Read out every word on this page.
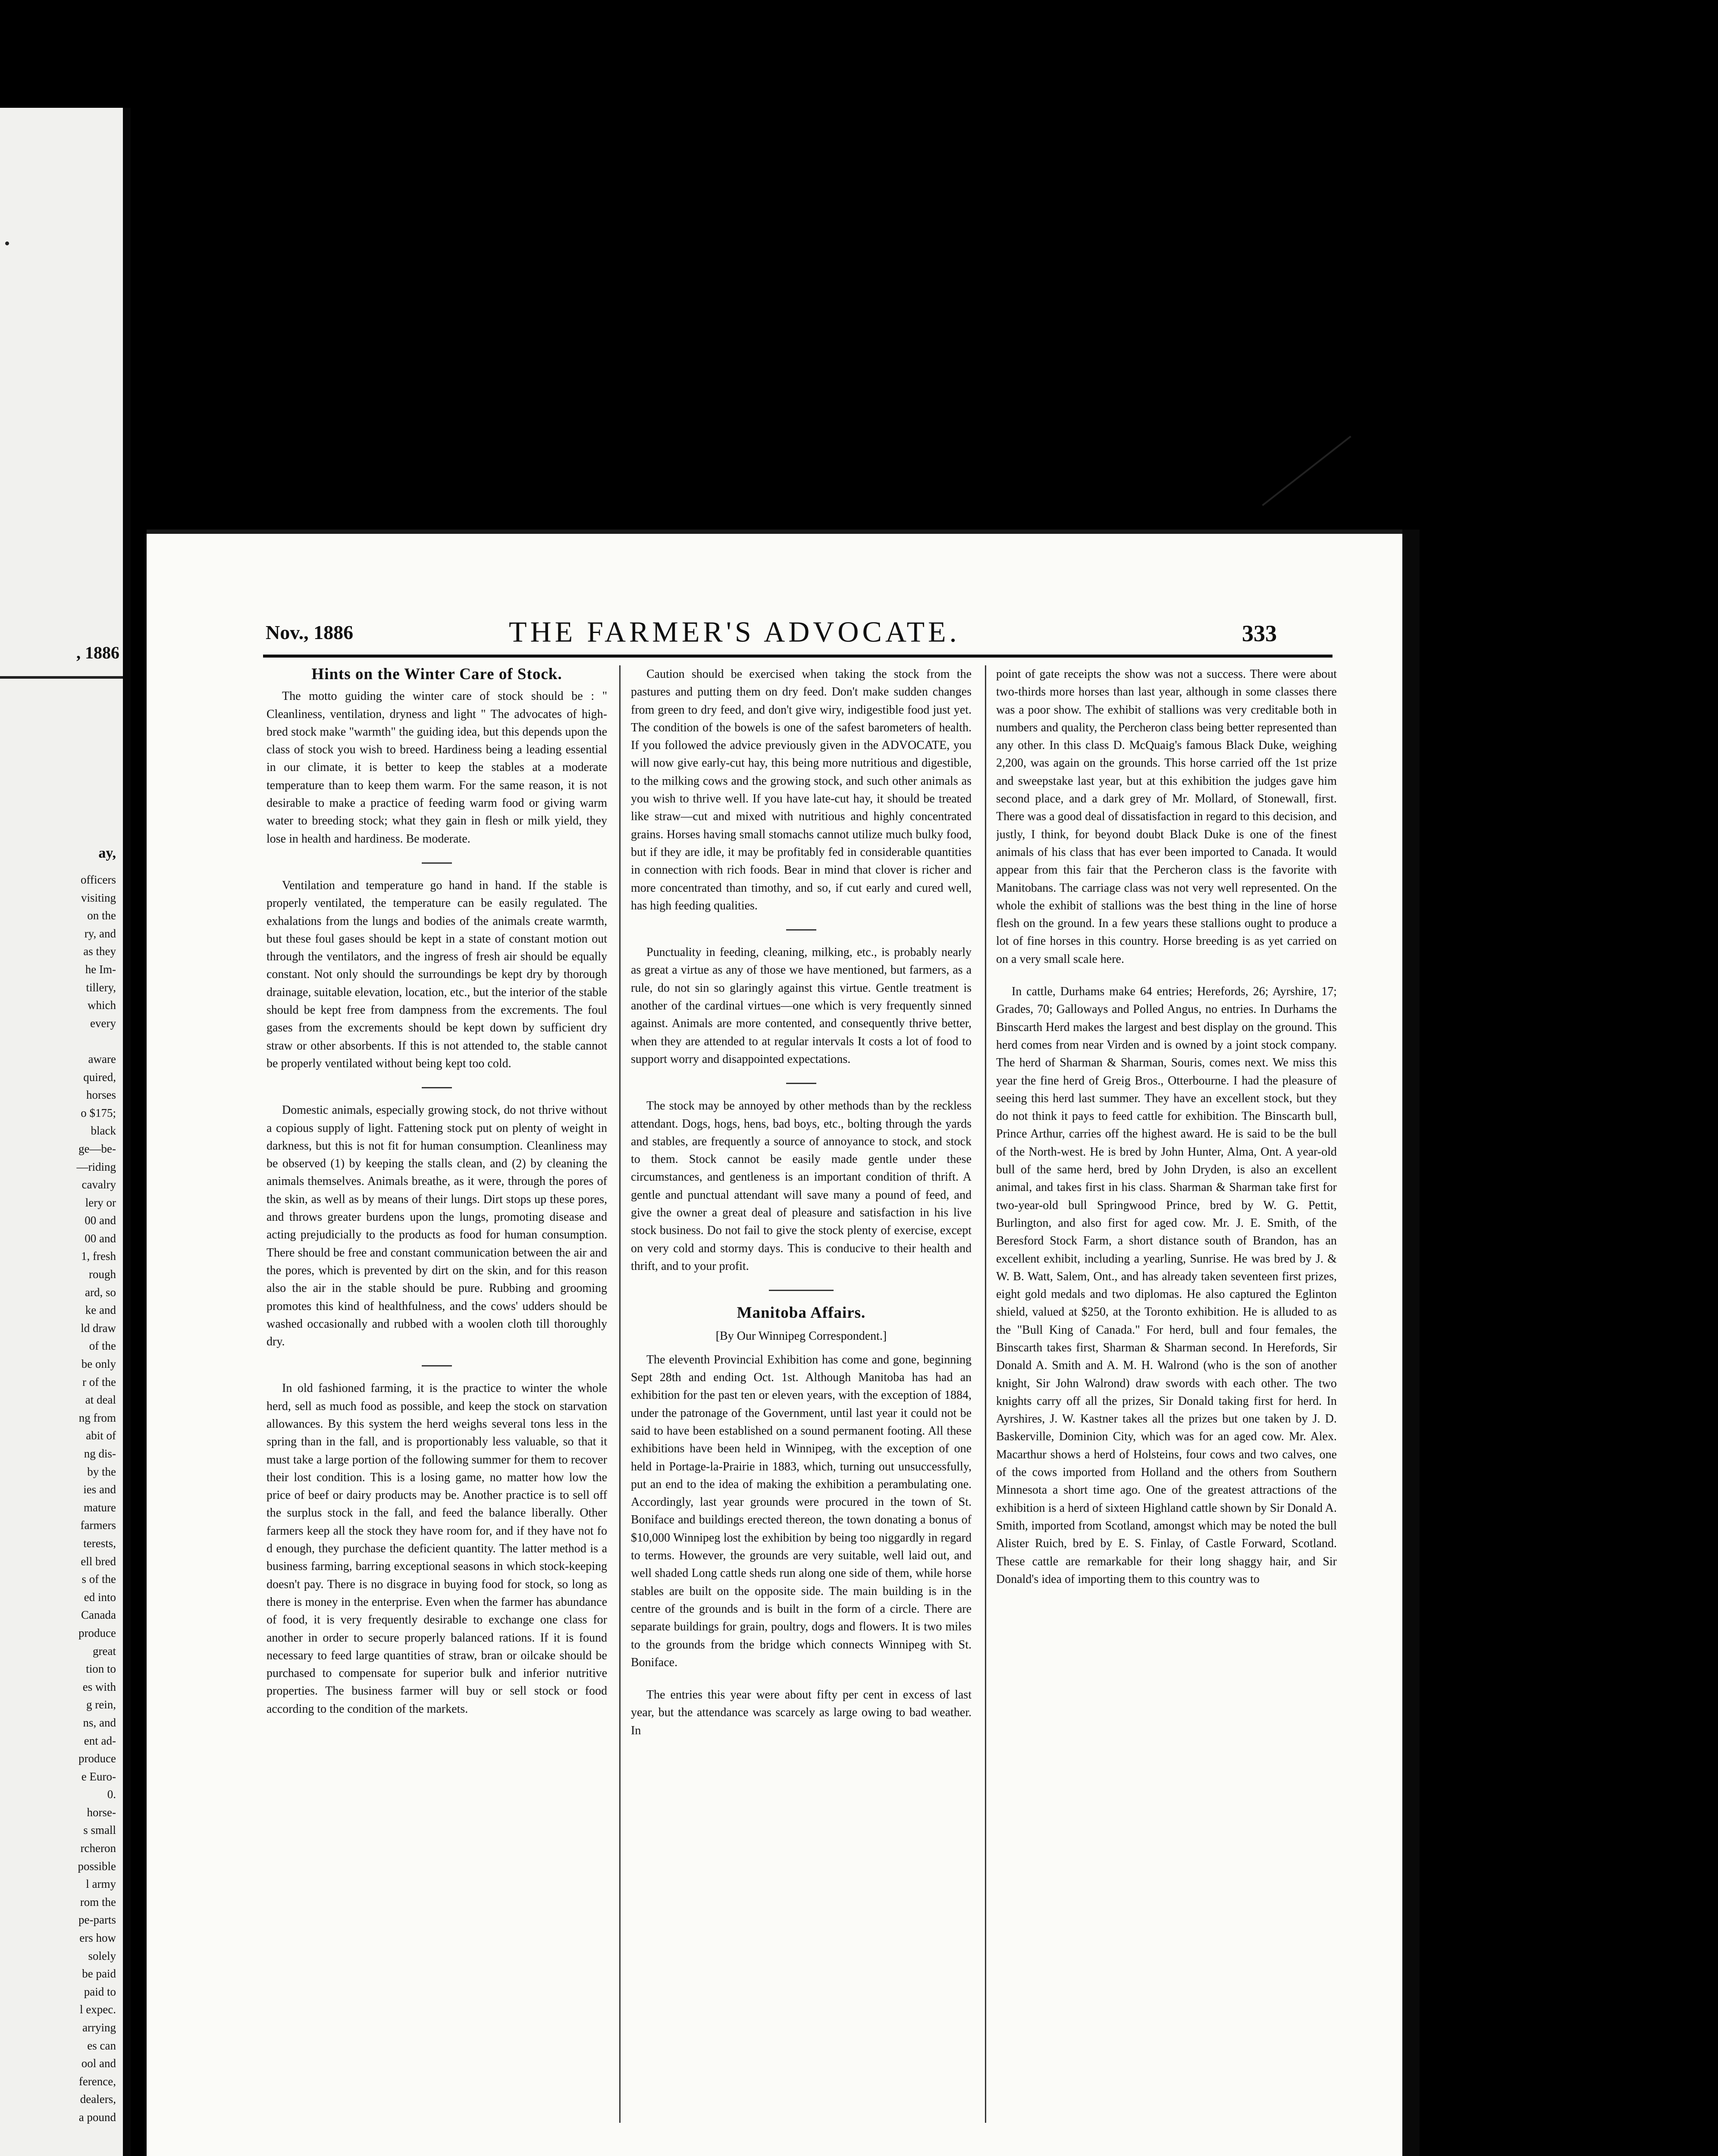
, 1886
ay,
officers
visiting
on the
ry, and
as they
he Im-
tillery,
which
every

aware
quired,
horses
o $175;
black
ge—be-
—riding
cavalry
lery or
00 and
00 and
1, fresh
rough
ard, so
ke and
ld draw
of the
be only
r of the
at deal
ng from
abit of
ng dis-
by the
ies and
mature
farmers
terests,
ell bred
s of the
ed into
Canada
produce
great
tion to
es with
g rein,
ns, and
ent ad-
produce
e Euro-
0.
horse-
s small
rcheron
possible
l army
rom the
pe-parts
ers how
solely
be paid
paid to
l expec.
arrying
es can
ool and
ference,
dealers,
a pound
Nov., 1886	THE FARMER'S ADVOCATE.	333
Hints on the Winter Care of Stock.

The motto guiding the winter care of stock should be : " Cleanliness, ventilation, dryness and light " The advocates of high-bred stock make "warmth" the guiding idea, but this depends upon the class of stock you wish to breed. Hardiness being a leading essential in our climate, it is better to keep the stables at a moderate temperature than to keep them warm. For the same reason, it is not desirable to make a practice of feeding warm food or giving warm water to breeding stock; what they gain in flesh or milk yield, they lose in health and hardiness. Be moderate.

Ventilation and temperature go hand in hand. If the stable is properly ventilated, the temperature can be easily regulated. The exhalations from the lungs and bodies of the animals create warmth, but these foul gases should be kept in a state of constant motion out through the ventilators, and the ingress of fresh air should be equally constant. Not only should the surroundings be kept dry by thorough drainage, suitable elevation, location, etc., but the interior of the stable should be kept free from dampness from the excrements. The foul gases from the excrements should be kept down by sufficient dry straw or other absorbents. If this is not attended to, the stable cannot be properly ventilated without being kept too cold.

Domestic animals, especially growing stock, do not thrive without a copious supply of light. Fattening stock put on plenty of weight in darkness, but this is not fit for human consumption. Cleanliness may be observed (1) by keeping the stalls clean, and (2) by cleaning the animals themselves. Animals breathe, as it were, through the pores of the skin, as well as by means of their lungs. Dirt stops up these pores, and throws greater burdens upon the lungs, promoting disease and acting prejudicially to the products as food for human consumption. There should be free and constant communication between the air and the pores, which is prevented by dirt on the skin, and for this reason also the air in the stable should be pure. Rubbing and grooming promotes this kind of healthfulness, and the cows' udders should be washed occasionally and rubbed with a woolen cloth till thoroughly dry.

In old fashioned farming, it is the practice to winter the whole herd, sell as much food as possible, and keep the stock on starvation allowances. By this system the herd weighs several tons less in the spring than in the fall, and is proportionably less valuable, so that it must take a large portion of the following summer for them to recover their lost condition. This is a losing game, no matter how low the price of beef or dairy products may be. Another practice is to sell off the surplus stock in the fall, and feed the balance liberally. Other farmers keep all the stock they have room for, and if they have not fo d enough, they purchase the deficient quantity. The latter method is a business farming, barring exceptional seasons in which stock-keeping doesn't pay. There is no disgrace in buying food for stock, so long as there is money in the enterprise. Even when the farmer has abundance of food, it is very frequently desirable to exchange one class for another in order to secure properly balanced rations. If it is found necessary to feed large quantities of straw, bran or oilcake should be purchased to compensate for superior bulk and inferior nutritive properties. The business farmer will buy or sell stock or food according to the condition of the markets.

Caution should be exercised when taking the stock from the pastures and putting them on dry feed. Don't make sudden changes from green to dry feed, and don't give wiry, indigestible food just yet. The condition of the bowels is one of the safest barometers of health. If you followed the advice previously given in the ADVOCATE, you will now give early-cut hay, this being more nutritious and digestible, to the milking cows and the growing stock, and such other animals as you wish to thrive well. If you have late-cut hay, it should be treated like straw—cut and mixed with nutritious and highly concentrated grains. Horses having small stomachs cannot utilize much bulky food, but if they are idle, it may be profitably fed in considerable quantities in connection with rich foods. Bear in mind that clover is richer and more concentrated than timothy, and so, if cut early and cured well, has high feeding qualities.

Punctuality in feeding, cleaning, milking, etc., is probably nearly as great a virtue as any of those we have mentioned, but farmers, as a rule, do not sin so glaringly against this virtue. Gentle treatment is another of the cardinal virtues—one which is very frequently sinned against. Animals are more contented, and consequently thrive better, when they are attended to at regular intervals It costs a lot of food to support worry and disappointed expectations.

The stock may be annoyed by other methods than by the reckless attendant. Dogs, hogs, hens, bad boys, etc., bolting through the yards and stables, are frequently a source of annoyance to stock, and stock to them. Stock cannot be easily made gentle under these circumstances, and gentleness is an important condition of thrift. A gentle and punctual attendant will save many a pound of feed, and give the owner a great deal of pleasure and satisfaction in his live stock business. Do not fail to give the stock plenty of exercise, except on very cold and stormy days. This is conducive to their health and thrift, and to your profit.

Manitoba Affairs.

[By Our Winnipeg Correspondent.]

The eleventh Provincial Exhibition has come and gone, beginning Sept 28th and ending Oct. 1st. Although Manitoba has had an exhibition for the past ten or eleven years, with the exception of 1884, under the patronage of the Government, until last year it could not be said to have been established on a sound permanent footing. All these exhibitions have been held in Winnipeg, with the exception of one held in Portage-la-Prairie in 1883, which, turning out unsuccessfully, put an end to the idea of making the exhibition a perambulating one. Accordingly, last year grounds were procured in the town of St. Boniface and buildings erected thereon, the town donating a bonus of $10,000 Winnipeg lost the exhibition by being too niggardly in regard to terms. However, the grounds are very suitable, well laid out, and well shaded Long cattle sheds run along one side of them, while horse stables are built on the opposite side. The main building is in the centre of the grounds and is built in the form of a circle. There are separate buildings for grain, poultry, dogs and flowers. It is two miles to the grounds from the bridge which connects Winnipeg with St. Boniface.

The entries this year were about fifty per cent in excess of last year, but the attendance was scarcely as large owing to bad weather. In

point of gate receipts the show was not a success. There were about two-thirds more horses than last year, although in some classes there was a poor show. The exhibit of stallions was very creditable both in numbers and quality, the Percheron class being better represented than any other. In this class D. McQuaig's famous Black Duke, weighing 2,200, was again on the grounds. This horse carried off the 1st prize and sweepstake last year, but at this exhibition the judges gave him second place, and a dark grey of Mr. Mollard, of Stonewall, first. There was a good deal of dissatisfaction in regard to this decision, and justly, I think, for beyond doubt Black Duke is one of the finest animals of his class that has ever been imported to Canada. It would appear from this fair that the Percheron class is the favorite with Manitobans. The carriage class was not very well represented. On the whole the exhibit of stallions was the best thing in the line of horse flesh on the ground. In a few years these stallions ought to produce a lot of fine horses in this country. Horse breeding is as yet carried on on a very small scale here.

In cattle, Durhams make 64 entries; Herefords, 26; Ayrshire, 17; Grades, 70; Galloways and Polled Angus, no entries. In Durhams the Binscarth Herd makes the largest and best display on the ground. This herd comes from near Virden and is owned by a joint stock company. The herd of Sharman & Sharman, Souris, comes next. We miss this year the fine herd of Greig Bros., Otterbourne. I had the pleasure of seeing this herd last summer. They have an excellent stock, but they do not think it pays to feed cattle for exhibition. The Binscarth bull, Prince Arthur, carries off the highest award. He is said to be the bull of the North-west. He is bred by John Hunter, Alma, Ont. A year-old bull of the same herd, bred by John Dryden, is also an excellent animal, and takes first in his class. Sharman & Sharman take first for two-year-old bull Springwood Prince, bred by W. G. Pettit, Burlington, and also first for aged cow. Mr. J. E. Smith, of the Beresford Stock Farm, a short distance south of Brandon, has an excellent exhibit, including a yearling, Sunrise. He was bred by J. & W. B. Watt, Salem, Ont., and has already taken seventeen first prizes, eight gold medals and two diplomas. He also captured the Eglinton shield, valued at $250, at the Toronto exhibition. He is alluded to as the "Bull King of Canada." For herd, bull and four females, the Binscarth takes first, Sharman & Sharman second. In Herefords, Sir Donald A. Smith and A. M. H. Walrond (who is the son of another knight, Sir John Walrond) draw swords with each other. The two knights carry off all the prizes, Sir Donald taking first for herd. In Ayrshires, J. W. Kastner takes all the prizes but one taken by J. D. Baskerville, Dominion City, which was for an aged cow. Mr. Alex. Macarthur shows a herd of Holsteins, four cows and two calves, one of the cows imported from Holland and the others from Southern Minnesota a short time ago. One of the greatest attractions of the exhibition is a herd of sixteen Highland cattle shown by Sir Donald A. Smith, imported from Scotland, amongst which may be noted the bull Alister Ruich, bred by E. S. Finlay, of Castle Forward, Scotland. These cattle are remarkable for their long shaggy hair, and Sir Donald's idea of importing them to this country was to
